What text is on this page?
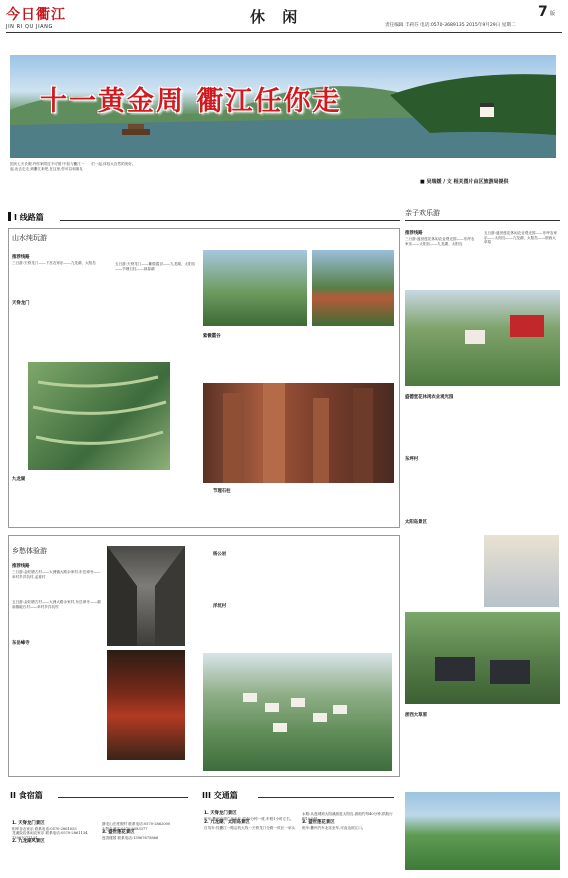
今日衢江
JIN RI QU JIANG
休 闲	7 版
责任编辑 丰莉芬 电话:0570-3689135 2015年9月29日 星期二
十一黄金周 衢江任你走
国庆七天长假,许你家附近不可惜!不妨与衢江一起,出去走走,到衢江来吧,在这里,你可以和朋友们一起,体验大自然的美好。
■ 吴瑞媛 / 文 相关图片由区旅游局提供
I 线路篇
山水纯玩游
推荐线路
三日游:天脊龙门——下宫农家乐——九龙湖、太阳岛	五日游:天脊龙门——紫微霞谷——九龙湖、太阳岛——节理石柱——绿春湖
天脊龙门
九龙湖
紫微霞谷
节理石柱
乡愁体验游
推荐线路
三日游:金旺塘古村——大洲镇大路余家村,东岳禅寺——举村乡洋坑村,孟姜村
五日游:金旺塘古村——大洲大路余家村,东岳禅寺——湖南镇破石村——举村乡洋坑村
东岳峰寺
杨公岩
洋坑村
亲子欢乐游
推荐线路
三日游:盛世莲花休闲农业观光园——东坪农家乐——太阳岛——九龙湖、太阳岛
五日游:盛世莲花休闲农业观光园——东坪农家乐——太阳岛——九龙湖、太阳岛——浙西大草原
盛德堂花休闲农业观光园
东坪村
太阳岛景区
浙西大草原
II 食宿篇
1. 天脊龙门景区
相军谷农家乐 联系电话:0570-2861055
龙溪饭店休闲农家乐 联系电话:0570-2861134 13967071134
2. 九龙湖风景区
静龙山庄度假村 联系电话:0570-2862000
太阳岛酒店:0570-8583377
3. 盛世莲花景区
莲香楼园 联系电话:13967675866
III 交通篇
1. 天脊龙门景区
班车:衢州南湖广场坐车,约40分钟一班,车程1小时左右。
2. 九龙湖、太阳岛景区
自驾车:经衢江一路沿杭大线一天脊龙门分路一杭长一举头
水路:从莲城到大阳溪游览太阳岛,游船约每40分钟,供航行程10分钟。
3. 盛世莲花景区
班车:衢州汽车北站坐车,可直达抵江口。
